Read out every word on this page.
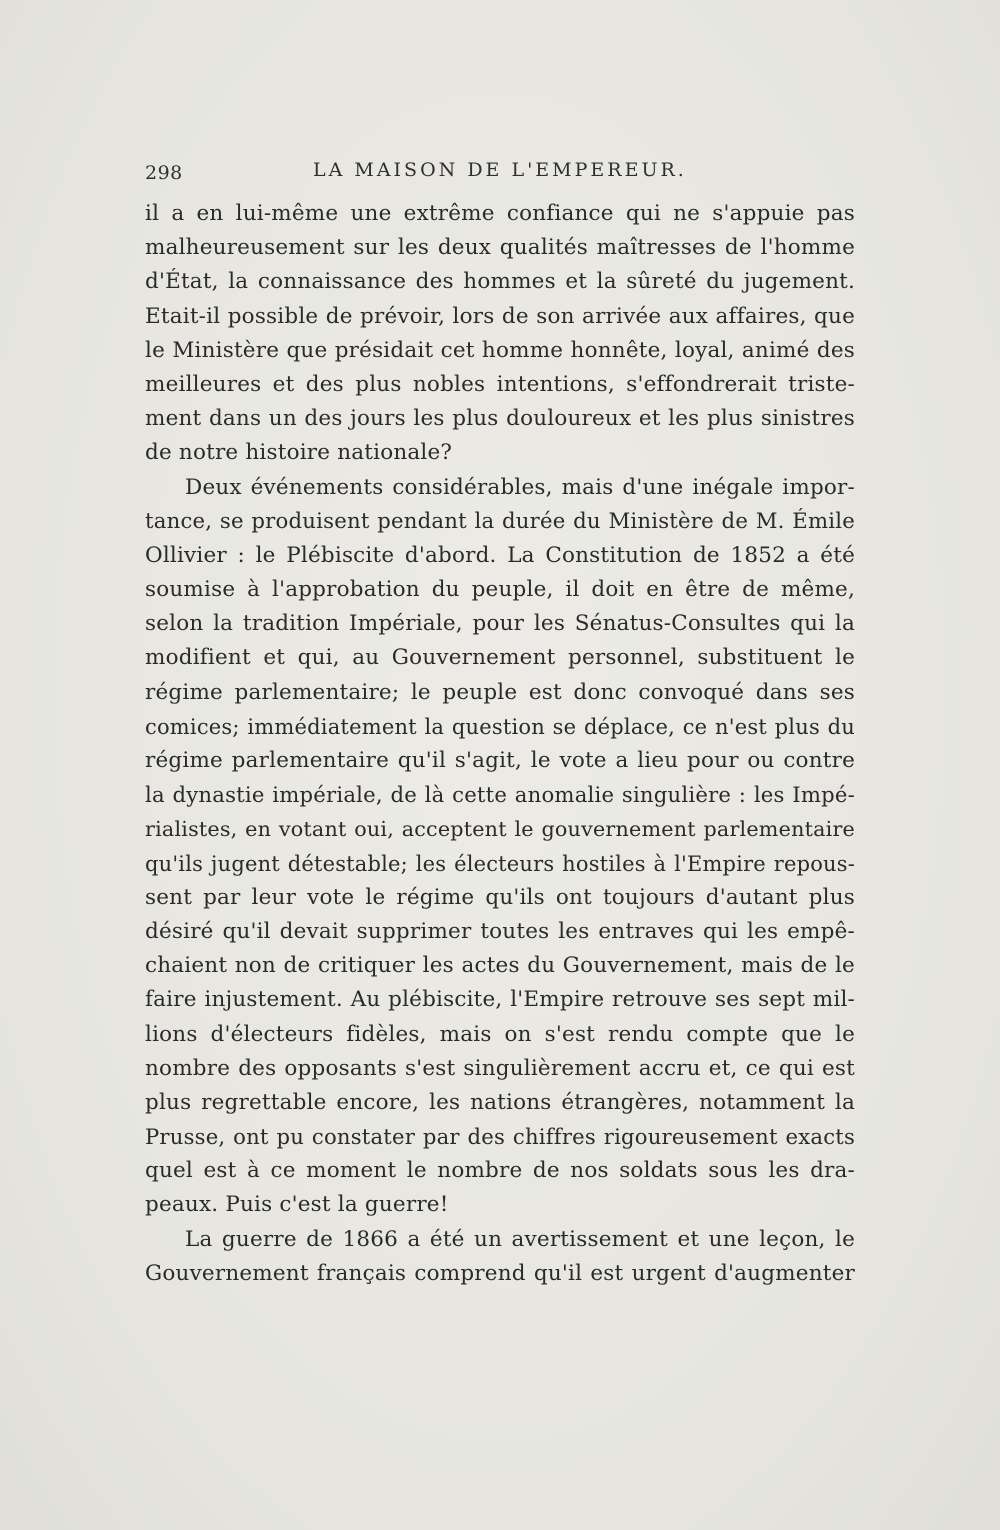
298	LA MAISON DE L'EMPEREUR.
il a en lui-même une extrême confiance qui ne s'appuie pas
malheureusement sur les deux qualités maîtresses de l'homme
d'État, la connaissance des hommes et la sûreté du jugement.
Etait-il possible de prévoir, lors de son arrivée aux affaires, que
le Ministère que présidait cet homme honnête, loyal, animé des
meilleures et des plus nobles intentions, s'effondrerait triste-
ment dans un des jours les plus douloureux et les plus sinistres
de notre histoire nationale?
Deux événements considérables, mais d'une inégale impor-
tance, se produisent pendant la durée du Ministère de M. Émile
Ollivier : le Plébiscite d'abord. La Constitution de 1852 a été
soumise à l'approbation du peuple, il doit en être de même,
selon la tradition Impériale, pour les Sénatus-Consultes qui la
modifient et qui, au Gouvernement personnel, substituent le
régime parlementaire; le peuple est donc convoqué dans ses
comices; immédiatement la question se déplace, ce n'est plus du
régime parlementaire qu'il s'agit, le vote a lieu pour ou contre
la dynastie impériale, de là cette anomalie singulière : les Impé-
rialistes, en votant oui, acceptent le gouvernement parlementaire
qu'ils jugent détestable; les électeurs hostiles à l'Empire repous-
sent par leur vote le régime qu'ils ont toujours d'autant plus
désiré qu'il devait supprimer toutes les entraves qui les empê-
chaient non de critiquer les actes du Gouvernement, mais de le
faire injustement. Au plébiscite, l'Empire retrouve ses sept mil-
lions d'électeurs fidèles, mais on s'est rendu compte que le
nombre des opposants s'est singulièrement accru et, ce qui est
plus regrettable encore, les nations étrangères, notamment la
Prusse, ont pu constater par des chiffres rigoureusement exacts
quel est à ce moment le nombre de nos soldats sous les dra-
peaux. Puis c'est la guerre!
La guerre de 1866 a été un avertissement et une leçon, le
Gouvernement français comprend qu'il est urgent d'augmenter
